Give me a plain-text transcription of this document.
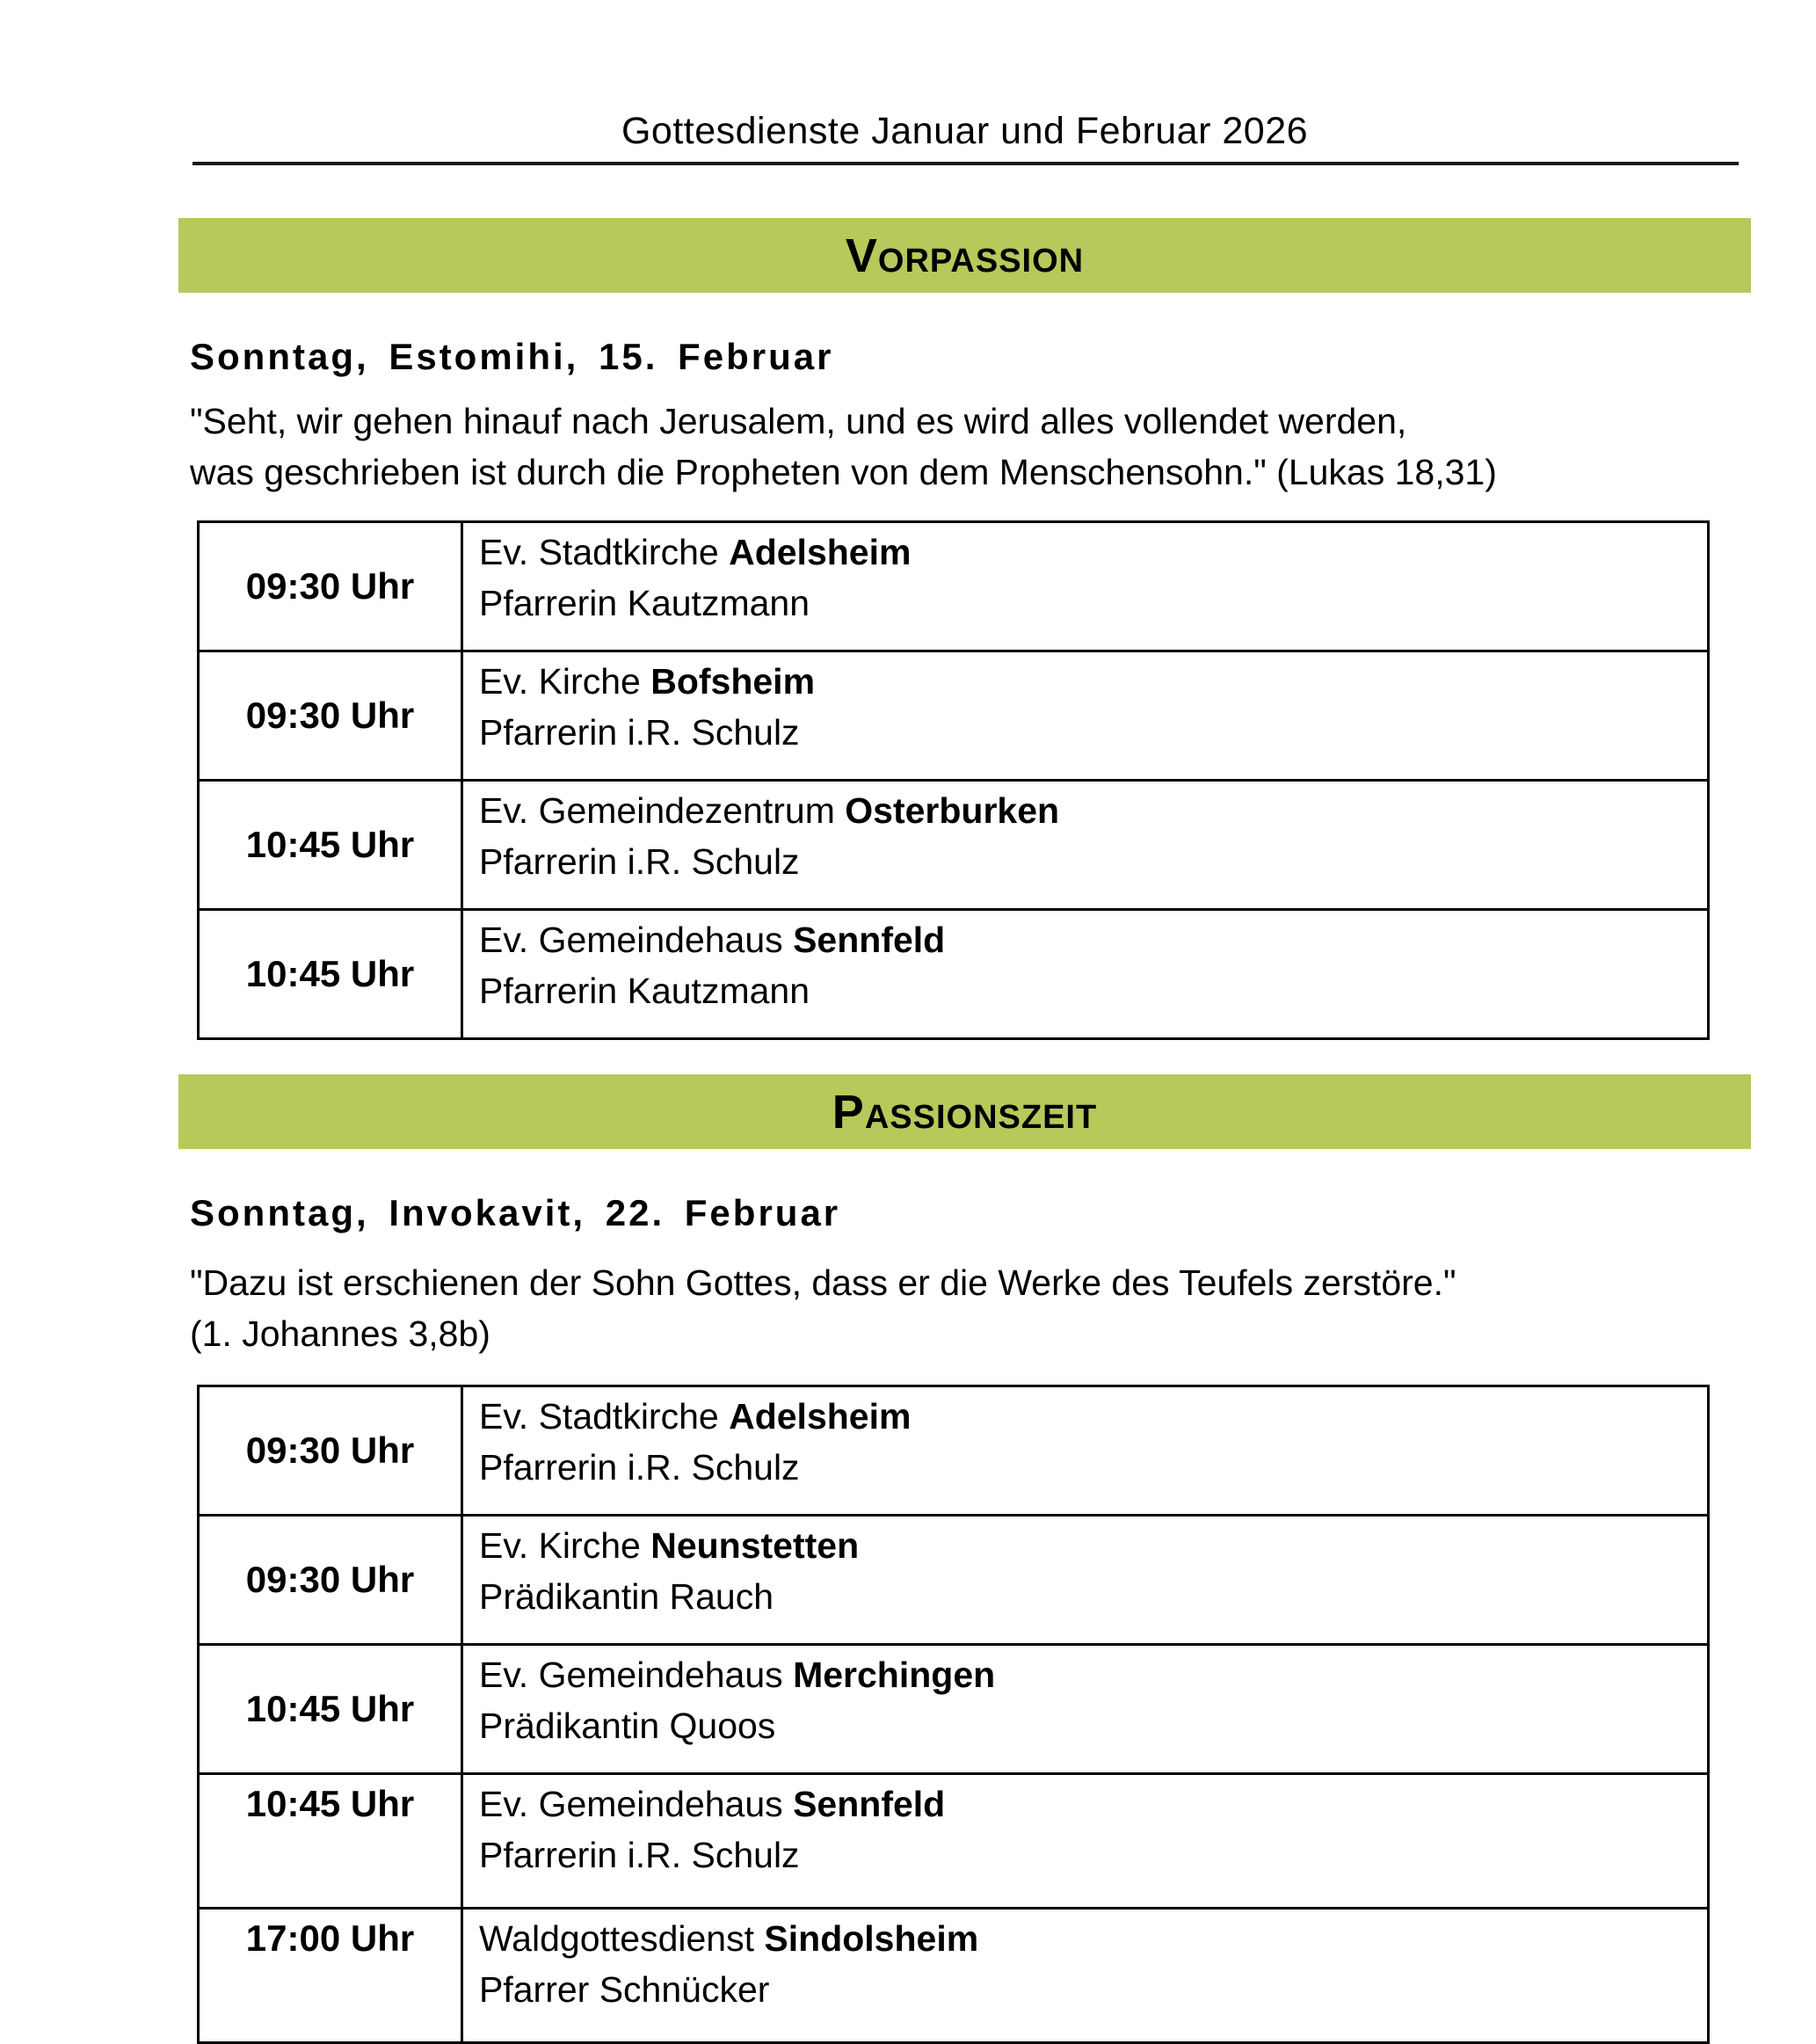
Gottesdienste Januar und Februar 2026
Vorpassion
Sonntag, Estomihi, 15. Februar
"Seht, wir gehen hinauf nach Jerusalem, und es wird alles vollendet werden,
was geschrieben ist durch die Propheten von dem Menschensohn." (Lukas 18,31)
09:30 Uhr	Ev. Stadtkirche Adelsheim
Pfarrerin Kautzmann

09:30 Uhr	Ev. Kirche Bofsheim
Pfarrerin i.R. Schulz

10:45 Uhr	Ev. Gemeindezentrum Osterburken
Pfarrerin i.R. Schulz

10:45 Uhr	Ev. Gemeindehaus Sennfeld
Pfarrerin Kautzmann
Passionszeit
Sonntag, Invokavit, 22. Februar
"Dazu ist erschienen der Sohn Gottes, dass er die Werke des Teufels zerstöre."
(1. Johannes 3,8b)
09:30 Uhr	Ev. Stadtkirche Adelsheim
Pfarrerin i.R. Schulz

09:30 Uhr	Ev. Kirche Neunstetten
Prädikantin Rauch

10:45 Uhr	Ev. Gemeindehaus Merchingen
Prädikantin Quoos

10:45 Uhr	Ev. Gemeindehaus Sennfeld
Pfarrerin i.R. Schulz

17:00 Uhr	Waldgottesdienst Sindolsheim
Pfarrer Schnücker
